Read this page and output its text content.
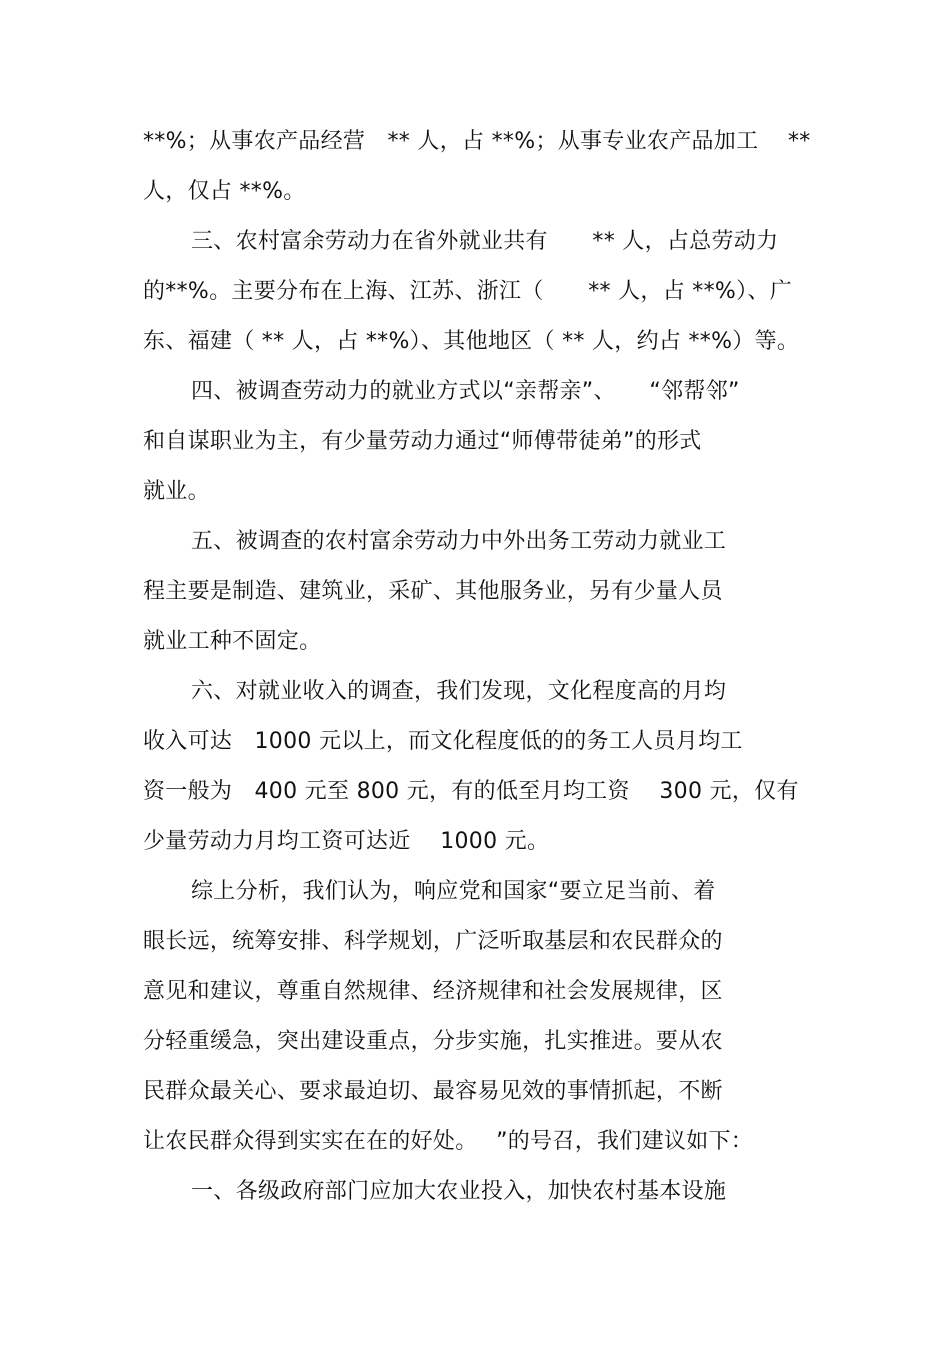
**%；从事农产品经营　** 人，占 **%；从事专业农产品加工　 **
人，仅占 **%。
三、农村富余劳动力在省外就业共有　　** 人，占总劳动力
的**%。主要分布在上海、江苏、浙江（　　** 人，占 **%）、广
东、福建（ ** 人，占 **%）、其他地区（ ** 人，约占 **%）等。
四、被调查劳动力的就业方式以“亲帮亲”、　　“邻帮邻”
和自谋职业为主，有少量劳动力通过“师傅带徒弟”的形式
就业。
五、被调查的农村富余劳动力中外出务工劳动力就业工
程主要是制造、建筑业，采矿、其他服务业，另有少量人员
就业工种不固定。
六、对就业收入的调查，我们发现，文化程度高的月均
收入可达　1000 元以上，而文化程度低的的务工人员月均工
资一般为　400 元至 800 元，有的低至月均工资　 300 元，仅有
少量劳动力月均工资可达近　 1000 元。
综上分析，我们认为，响应党和国家“要立足当前、着
眼长远，统筹安排、科学规划，广泛听取基层和农民群众的
意见和建议，尊重自然规律、经济规律和社会发展规律，区
分轻重缓急，突出建设重点，分步实施，扎实推进。要从农
民群众最关心、要求最迫切、最容易见效的事情抓起，不断
让农民群众得到实实在在的好处。　 ”的号召，我们建议如下：
一、各级政府部门应加大农业投入，加快农村基本设施
